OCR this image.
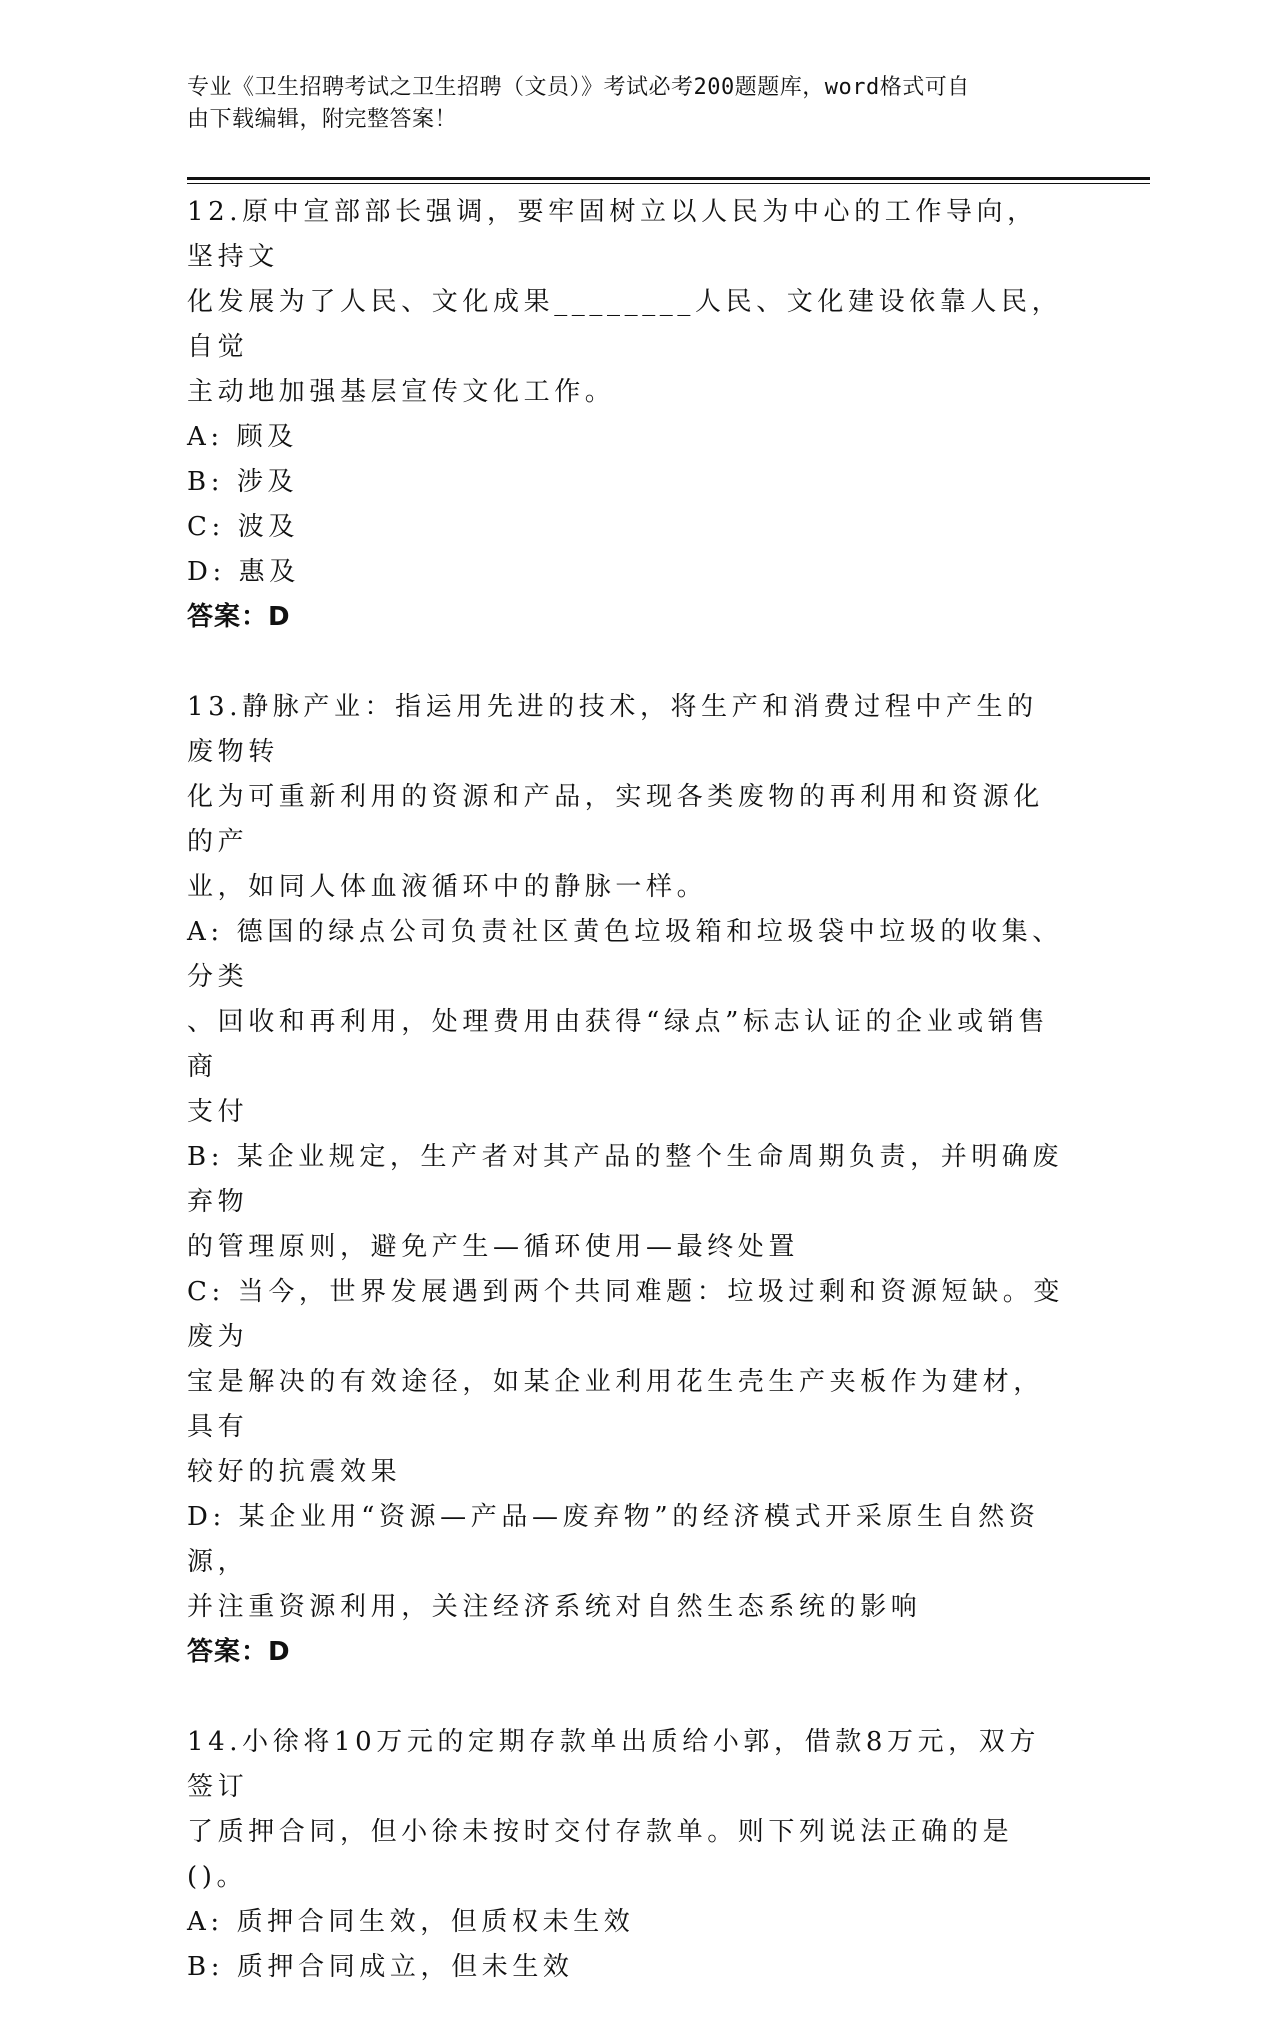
专业《卫生招聘考试之卫生招聘（文员）》考试必考200题题库，word格式可自
由下载编辑，附完整答案！
12.原中宣部部长强调，要牢固树立以人民为中心的工作导向，坚持文
化发展为了人民、文化成果________人民、文化建设依靠人民，自觉
主动地加强基层宣传文化工作。
A: 顾及
B: 涉及
C: 波及
D: 惠及
答案：D
13.静脉产业：指运用先进的技术，将生产和消费过程中产生的废物转
化为可重新利用的资源和产品，实现各类废物的再利用和资源化的产
业，如同人体血液循环中的静脉一样。
A: 德国的绿点公司负责社区黄色垃圾箱和垃圾袋中垃圾的收集、分类
、回收和再利用，处理费用由获得“绿点”标志认证的企业或销售商
支付
B: 某企业规定，生产者对其产品的整个生命周期负责，并明确废弃物
的管理原则，避免产生—循环使用—最终处置
C: 当今，世界发展遇到两个共同难题：垃圾过剩和资源短缺。变废为
宝是解决的有效途径，如某企业利用花生壳生产夹板作为建材，具有
较好的抗震效果
D: 某企业用“资源—产品—废弃物”的经济模式开采原生自然资源，
并注重资源利用，关注经济系统对自然生态系统的影响
答案：D
14.小徐将10万元的定期存款单出质给小郭，借款8万元，双方签订
了质押合同，但小徐未按时交付存款单。则下列说法正确的是()。
A: 质押合同生效，但质权未生效
B: 质押合同成立，但未生效
